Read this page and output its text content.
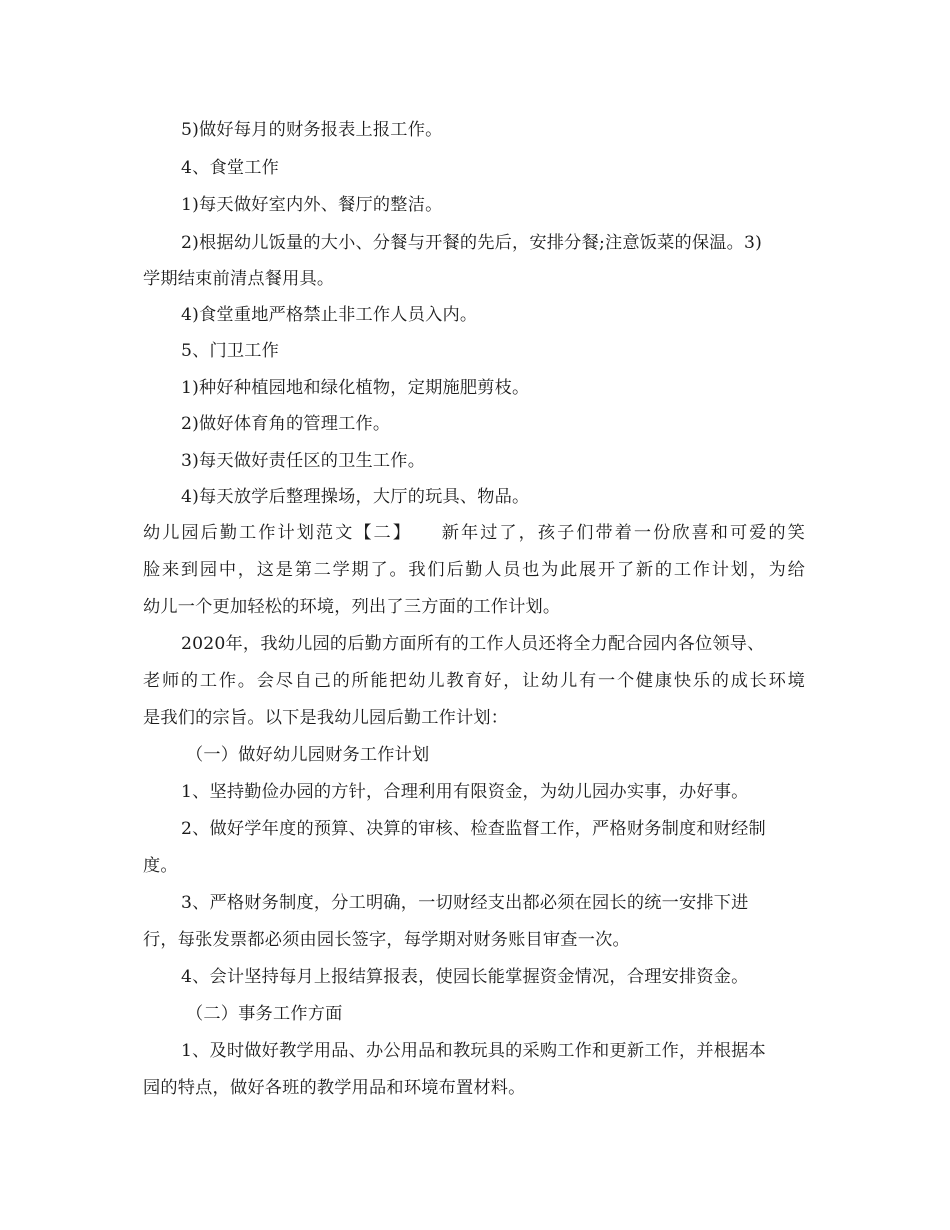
5)做好每月的财务报表上报工作。
4、食堂工作
1)每天做好室内外、餐厅的整洁。
2)根据幼儿饭量的大小、分餐与开餐的先后，安排分餐;注意饭菜的保温。3)
学期结束前清点餐用具。
4)食堂重地严格禁止非工作人员入内。
5、门卫工作
1)种好种植园地和绿化植物，定期施肥剪枝。
2)做好体育角的管理工作。
3)每天做好责任区的卫生工作。
4)每天放学后整理操场，大厅的玩具、物品。
幼儿园后勤工作计划范文【二】　　新年过了，孩子们带着一份欣喜和可爱的笑
脸来到园中，这是第二学期了。我们后勤人员也为此展开了新的工作计划，为给
幼儿一个更加轻松的环境，列出了三方面的工作计划。
2020年，我幼儿园的后勤方面所有的工作人员还将全力配合园内各位领导、
老师的工作。会尽自己的所能把幼儿教育好，让幼儿有一个健康快乐的成长环境
是我们的宗旨。以下是我幼儿园后勤工作计划：
（一）做好幼儿园财务工作计划
1、坚持勤俭办园的方针，合理利用有限资金，为幼儿园办实事，办好事。
2、做好学年度的预算、决算的审核、检查监督工作，严格财务制度和财经制
度。
3、严格财务制度，分工明确，一切财经支出都必须在园长的统一安排下进
行，每张发票都必须由园长签字，每学期对财务账目审查一次。
4、会计坚持每月上报结算报表，使园长能掌握资金情况，合理安排资金。
（二）事务工作方面
1、及时做好教学用品、办公用品和教玩具的采购工作和更新工作，并根据本
园的特点，做好各班的教学用品和环境布置材料。
